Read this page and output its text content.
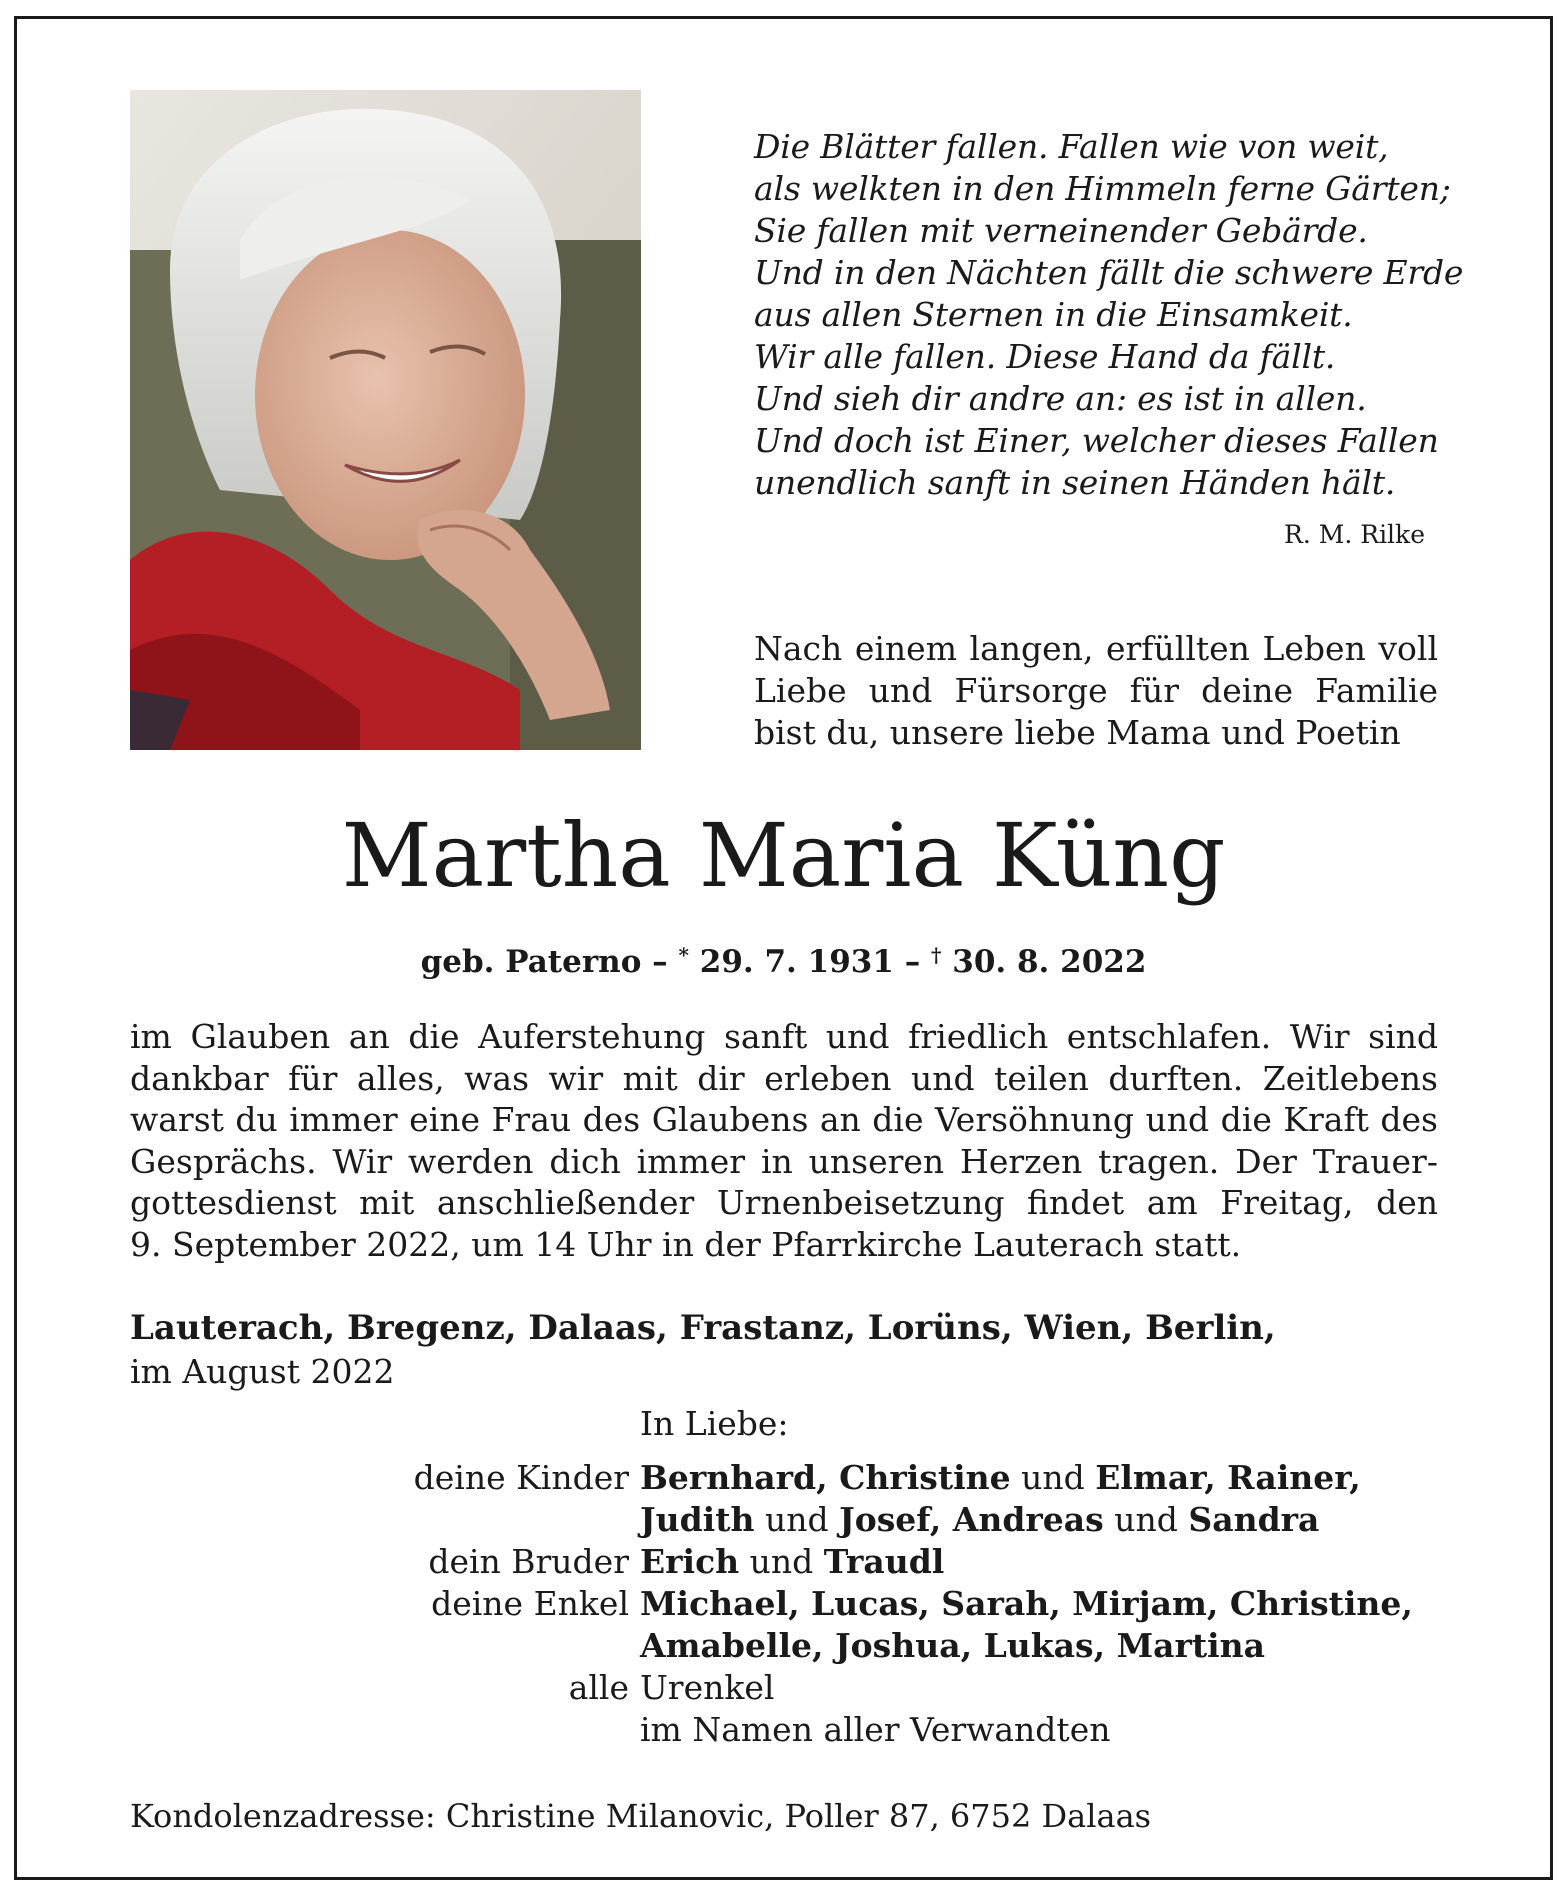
Die Blätter fallen. Fallen wie von weit,
als welkten in den Himmeln ferne Gärten;
Sie fallen mit verneinender Gebärde.
Und in den Nächten fällt die schwere Erde
aus allen Sternen in die Einsamkeit.
Wir alle fallen. Diese Hand da fällt.
Und sieh dir andre an: es ist in allen.
Und doch ist Einer, welcher dieses Fallen
unendlich sanft in seinen Händen hält.
R. M. Rilke
Nach einem langen, erfüllten Leben voll
Liebe und Fürsorge für deine Familie
bist du, unsere liebe Mama und Poetin
Martha Maria Küng
geb. Paterno – * 29. 7. 1931 – † 30. 8. 2022
im Glauben an die Auferstehung sanft und friedlich entschlafen. Wir sind
dankbar für alles, was wir mit dir erleben und teilen durften. Zeitlebens
warst du immer eine Frau des Glaubens an die Versöhnung und die Kraft des
Gesprächs. Wir werden dich immer in unseren Herzen tragen. Der Trauer-
gottesdienst mit anschließender Urnenbeisetzung findet am Freitag, den
9. September 2022, um 14 Uhr in der Pfarrkirche Lauterach statt.
Lauterach, Bregenz, Dalaas, Frastanz, Lorüns, Wien, Berlin,
im August 2022
In Liebe:
deine Kinder Bernhard, Christine und Elmar, Rainer,
Judith und Josef, Andreas und Sandra
dein Bruder Erich und Traudl
deine Enkel Michael, Lucas, Sarah, Mirjam, Christine,
Amabelle, Joshua, Lukas, Martina
alle Urenkel
im Namen aller Verwandten
Kondolenzadresse: Christine Milanovic, Poller 87, 6752 Dalaas
